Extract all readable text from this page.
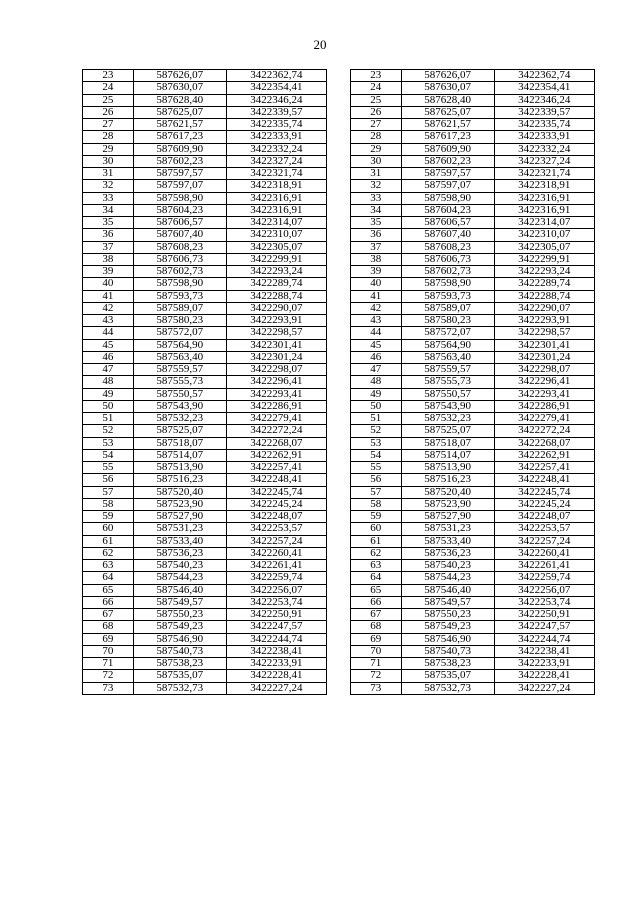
20
23	587626,07	3422362,74		23	587626,07	3422362,74
24	587630,07	3422354,41		24	587630,07	3422354,41
25	587628,40	3422346,24		25	587628,40	3422346,24
26	587625,07	3422339,57		26	587625,07	3422339,57
27	587621,57	3422335,74		27	587621,57	3422335,74
28	587617,23	3422333,91		28	587617,23	3422333,91
29	587609,90	3422332,24		29	587609,90	3422332,24
30	587602,23	3422327,24		30	587602,23	3422327,24
31	587597,57	3422321,74		31	587597,57	3422321,74
32	587597,07	3422318,91		32	587597,07	3422318,91
33	587598,90	3422316,91		33	587598,90	3422316,91
34	587604,23	3422316,91		34	587604,23	3422316,91
35	587606,57	3422314,07		35	587606,57	3422314,07
36	587607,40	3422310,07		36	587607,40	3422310,07
37	587608,23	3422305,07		37	587608,23	3422305,07
38	587606,73	3422299,91		38	587606,73	3422299,91
39	587602,73	3422293,24		39	587602,73	3422293,24
40	587598,90	3422289,74		40	587598,90	3422289,74
41	587593,73	3422288,74		41	587593,73	3422288,74
42	587589,07	3422290,07		42	587589,07	3422290,07
43	587580,23	3422293,91		43	587580,23	3422293,91
44	587572,07	3422298,57		44	587572,07	3422298,57
45	587564,90	3422301,41		45	587564,90	3422301,41
46	587563,40	3422301,24		46	587563,40	3422301,24
47	587559,57	3422298,07		47	587559,57	3422298,07
48	587555,73	3422296,41		48	587555,73	3422296,41
49	587550,57	3422293,41		49	587550,57	3422293,41
50	587543,90	3422286,91		50	587543,90	3422286,91
51	587532,23	3422279,41		51	587532,23	3422279,41
52	587525,07	3422272,24		52	587525,07	3422272,24
53	587518,07	3422268,07		53	587518,07	3422268,07
54	587514,07	3422262,91		54	587514,07	3422262,91
55	587513,90	3422257,41		55	587513,90	3422257,41
56	587516,23	3422248,41		56	587516,23	3422248,41
57	587520,40	3422245,74		57	587520,40	3422245,74
58	587523,90	3422245,24		58	587523,90	3422245,24
59	587527,90	3422248,07		59	587527,90	3422248,07
60	587531,23	3422253,57		60	587531,23	3422253,57
61	587533,40	3422257,24		61	587533,40	3422257,24
62	587536,23	3422260,41		62	587536,23	3422260,41
63	587540,23	3422261,41		63	587540,23	3422261,41
64	587544,23	3422259,74		64	587544,23	3422259,74
65	587546,40	3422256,07		65	587546,40	3422256,07
66	587549,57	3422253,74		66	587549,57	3422253,74
67	587550,23	3422250,91		67	587550,23	3422250,91
68	587549,23	3422247,57		68	587549,23	3422247,57
69	587546,90	3422244,74		69	587546,90	3422244,74
70	587540,73	3422238,41		70	587540,73	3422238,41
71	587538,23	3422233,91		71	587538,23	3422233,91
72	587535,07	3422228,41		72	587535,07	3422228,41
73	587532,73	3422227,24		73	587532,73	3422227,24
